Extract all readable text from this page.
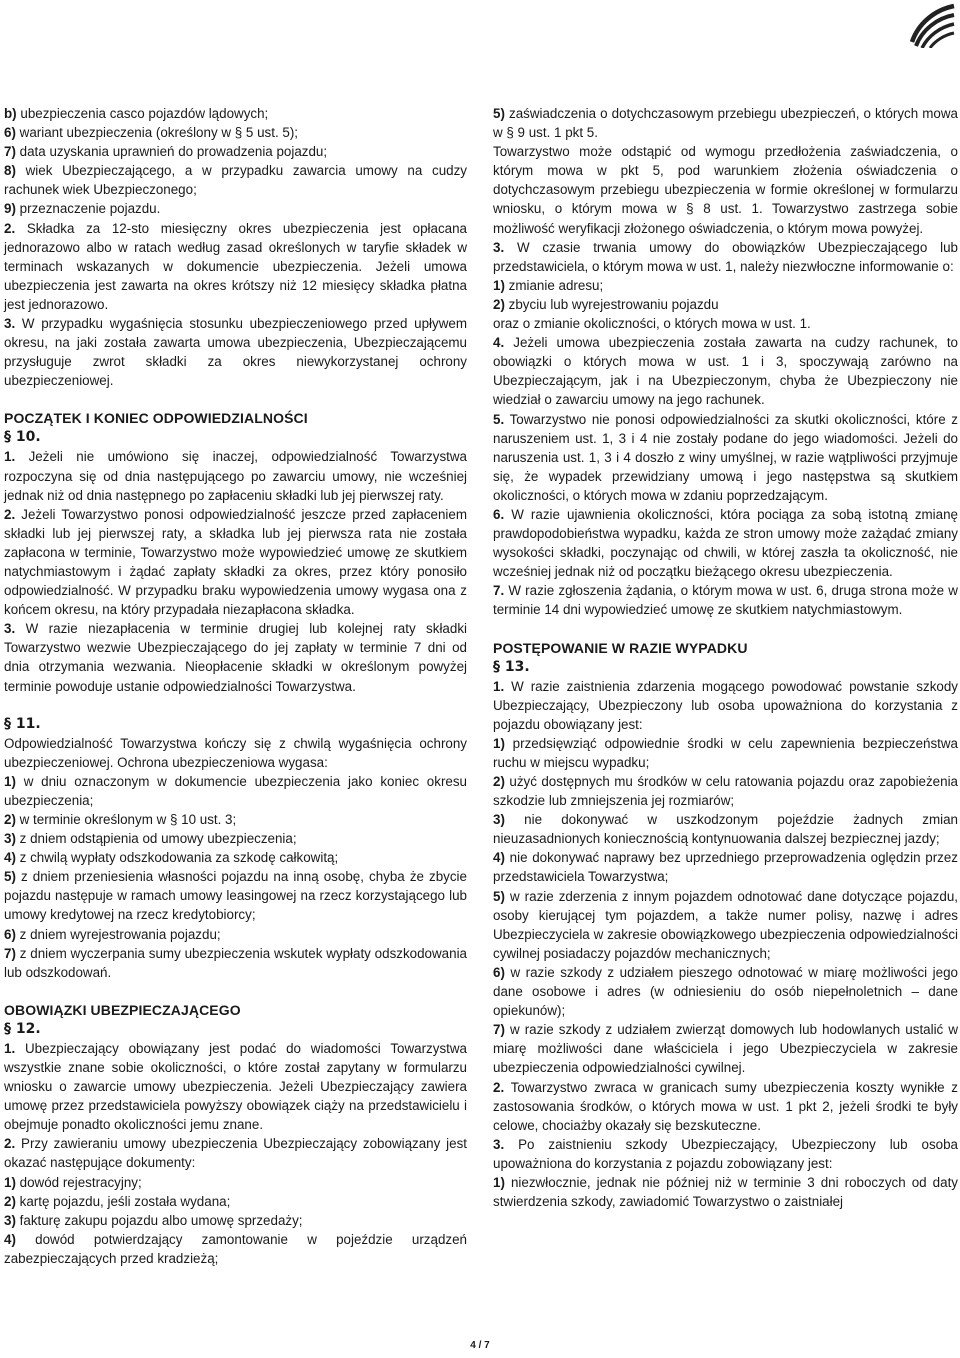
b) ubezpieczenia casco pojazdów lądowych;

6) wariant ubezpieczenia (określony w § 5 ust. 5);

7) data uzyskania uprawnień do prowadzenia pojazdu;

8) wiek Ubezpieczającego, a w przypadku zawarcia umowy na cudzy rachunek wiek Ubezpieczonego;

9) przeznaczenie pojazdu.

2. Składka za 12-sto miesięczny okres ubezpieczenia jest opłacana jednorazowo albo w ratach według zasad określonych w taryfie składek w terminach wskazanych w dokumencie ubezpieczenia. Jeżeli umowa ubezpieczenia jest zawarta na okres krótszy niż 12 miesięcy składka płatna jest jednorazowo.

3. W przypadku wygaśnięcia stosunku ubezpieczeniowego przed upływem okresu, na jaki została zawarta umowa ubezpieczenia, Ubezpieczającemu przysługuje zwrot składki za okres niewykorzystanej ochrony ubezpieczeniowej.

POCZĄTEK I KONIEC ODPOWIEDZIALNOŚCI

§ 10.

1. Jeżeli nie umówiono się inaczej, odpowiedzialność Towarzystwa rozpoczyna się od dnia następującego po zawarciu umowy, nie wcześniej jednak niż od dnia następnego po zapłaceniu składki lub jej pierwszej raty.

2. Jeżeli Towarzystwo ponosi odpowiedzialność jeszcze przed zapłaceniem składki lub jej pierwszej raty, a składka lub jej pierwsza rata nie została zapłacona w terminie, Towarzystwo może wypowiedzieć umowę ze skutkiem natychmiastowym i żądać zapłaty składki za okres, przez który ponosiło odpowiedzialność. W przypadku braku wypowiedzenia umowy wygasa ona z końcem okresu, na który przypadała niezapłacona składka.

3. W razie niezapłacenia w terminie drugiej lub kolejnej raty składki Towarzystwo wezwie Ubezpieczającego do jej zapłaty w terminie 7 dni od dnia otrzymania wezwania. Nieopłacenie składki w określonym powyżej terminie powoduje ustanie odpowiedzialności Towarzystwa.

§ 11.

Odpowiedzialność Towarzystwa kończy się z chwilą wygaśnięcia ochrony ubezpieczeniowej. Ochrona ubezpieczeniowa wygasa:

1) w dniu oznaczonym w dokumencie ubezpieczenia jako koniec okresu ubezpieczenia;

2) w terminie określonym w § 10 ust. 3;

3) z dniem odstąpienia od umowy ubezpieczenia;

4) z chwilą wypłaty odszkodowania za szkodę całkowitą;

5) z dniem przeniesienia własności pojazdu na inną osobę, chyba że zbycie pojazdu następuje w ramach umowy leasingowej na rzecz korzystającego lub umowy kredytowej na rzecz kredytobiorcy;

6) z dniem wyrejestrowania pojazdu;

7) z dniem wyczerpania sumy ubezpieczenia wskutek wypłaty odszkodowania lub odszkodowań.

OBOWIĄZKI UBEZPIECZAJĄCEGO

§ 12.

1. Ubezpieczający obowiązany jest podać do wiadomości Towarzystwa wszystkie znane sobie okoliczności, o które został zapytany w formularzu wniosku o zawarcie umowy ubezpieczenia. Jeżeli Ubezpieczający zawiera umowę przez przedstawiciela powyższy obowiązek ciąży na przedstawicielu i obejmuje ponadto okoliczności jemu znane.

2. Przy zawieraniu umowy ubezpieczenia Ubezpieczający zobowiązany jest okazać następujące dokumenty:

1) dowód rejestracyjny;

2) kartę pojazdu, jeśli została wydana;

3) fakturę zakupu pojazdu albo umowę sprzedaży;

4) dowód potwierdzający zamontowanie w pojeździe urządzeń zabezpieczających przed kradzieżą;

5) zaświadczenia o dotychczasowym przebiegu ubezpieczeń, o których mowa w § 9 ust. 1 pkt 5.

Towarzystwo może odstąpić od wymogu przedłożenia zaświadczenia, o którym mowa w pkt 5, pod warunkiem złożenia oświadczenia o dotychczasowym przebiegu ubezpieczenia w formie określonej w formularzu wniosku, o którym mowa w § 8 ust. 1. Towarzystwo zastrzega sobie możliwość weryfikacji złożonego oświadczenia, o którym mowa powyżej.

3. W czasie trwania umowy do obowiązków Ubezpieczającego lub przedstawiciela, o którym mowa w ust. 1, należy niezwłoczne informowanie o:

1) zmianie adresu;

2) zbyciu lub wyrejestrowaniu pojazdu

oraz o zmianie okoliczności, o których mowa w ust. 1.

4. Jeżeli umowa ubezpieczenia została zawarta na cudzy rachunek, to obowiązki o których mowa w ust. 1 i 3, spoczywają zarówno na Ubezpieczającym, jak i na Ubezpieczonym, chyba że Ubezpieczony nie wiedział o zawarciu umowy na jego rachunek.

5. Towarzystwo nie ponosi odpowiedzialności za skutki okoliczności, które z naruszeniem ust. 1, 3 i 4 nie zostały podane do jego wiadomości. Jeżeli do naruszenia ust. 1, 3 i 4 doszło z winy umyślnej, w razie wątpliwości przyjmuje się, że wypadek przewidziany umową i jego następstwa są skutkiem okoliczności, o których mowa w zdaniu poprzedzającym.

6. W razie ujawnienia okoliczności, która pociąga za sobą istotną zmianę prawdopodobieństwa wypadku, każda ze stron umowy może zażądać zmiany wysokości składki, poczynając od chwili, w której zaszła ta okoliczność, nie wcześniej jednak niż od początku bieżącego okresu ubezpieczenia.

7. W razie zgłoszenia żądania, o którym mowa w ust. 6, druga strona może w terminie 14 dni wypowiedzieć umowę ze skutkiem natychmiastowym.

POSTĘPOWANIE W RAZIE WYPADKU

§ 13.

1. W razie zaistnienia zdarzenia mogącego powodować powstanie szkody Ubezpieczający, Ubezpieczony lub osoba upoważniona do korzystania z pojazdu obowiązany jest:

1) przedsięwziąć odpowiednie środki w celu zapewnienia bezpieczeństwa ruchu w miejscu wypadku;

2) użyć dostępnych mu środków w celu ratowania pojazdu oraz zapobieżenia szkodzie lub zmniejszenia jej rozmiarów;

3) nie dokonywać w uszkodzonym pojeździe żadnych zmian nieuzasadnionych koniecznością kontynuowania dalszej bezpiecznej jazdy;

4) nie dokonywać naprawy bez uprzedniego przeprowadzenia oględzin przez przedstawiciela Towarzystwa;

5) w razie zderzenia z innym pojazdem odnotować dane dotyczące pojazdu, osoby kierującej tym pojazdem, a także numer polisy, nazwę i adres Ubezpieczyciela w zakresie obowiązkowego ubezpieczenia odpowiedzialności cywilnej posiadaczy pojazdów mechanicznych;

6) w razie szkody z udziałem pieszego odnotować w miarę możliwości jego dane osobowe i adres (w odniesieniu do osób niepełnoletnich – dane opiekunów);

7) w razie szkody z udziałem zwierząt domowych lub hodowlanych ustalić w miarę możliwości dane właściciela i jego Ubezpieczyciela w zakresie ubezpieczenia odpowiedzialności cywilnej.

2. Towarzystwo zwraca w granicach sumy ubezpieczenia koszty wynikłe z zastosowania środków, o których mowa w ust. 1 pkt 2, jeżeli środki te były celowe, chociażby okazały się bezskuteczne.

3. Po zaistnieniu szkody Ubezpieczający, Ubezpieczony lub osoba upoważniona do korzystania z pojazdu zobowiązany jest:

1) niezwłocznie, jednak nie później niż w terminie 3 dni roboczych od daty stwierdzenia szkody, zawiadomić Towarzystwo o zaistniałej

4 / 7
